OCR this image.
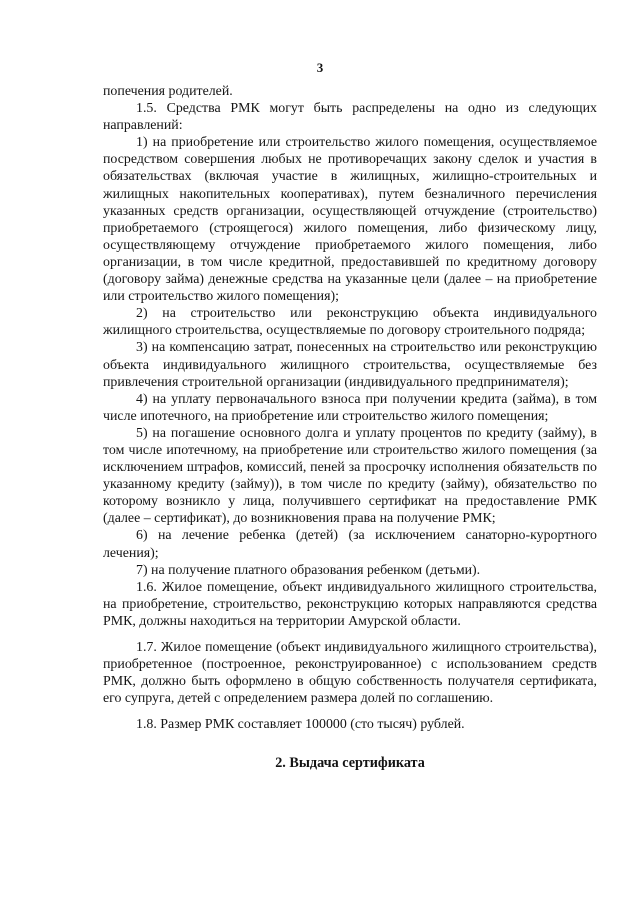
3

попечения родителей.

1.5. Средства РМК могут быть распределены на одно из следующих направлений:

1) на приобретение или строительство жилого помещения, осуществляемое посредством совершения любых не противоречащих закону сделок и участия в обязательствах (включая участие в жилищных, жилищно-строительных и жилищных накопительных кооперативах), путем безналичного перечисления указанных средств организации, осуществляющей отчуждение (строительство) приобретаемого (строящегося) жилого помещения, либо физическому лицу, осуществляющему отчуждение приобретаемого жилого помещения, либо организации, в том числе кредитной, предоставившей по кредитному договору (договору займа) денежные средства на указанные цели (далее – на приобретение или строительство жилого помещения);

2) на строительство или реконструкцию объекта индивидуального жилищного строительства, осуществляемые по договору строительного подряда;

3) на компенсацию затрат, понесенных на строительство или реконструкцию объекта индивидуального жилищного строительства, осуществляемые без привлечения строительной организации (индивидуального предпринимателя);

4) на уплату первоначального взноса при получении кредита (займа), в том числе ипотечного, на приобретение или строительство жилого помещения;

5) на погашение основного долга и уплату процентов по кредиту (займу), в том числе ипотечному, на приобретение или строительство жилого помещения (за исключением штрафов, комиссий, пеней за просрочку исполнения обязательств по указанному кредиту (займу)), в том числе по кредиту (займу), обязательство по которому возникло у лица, получившего сертификат на предоставление РМК (далее – сертификат), до возникновения права на получение РМК;

6) на лечение ребенка (детей) (за исключением санаторно-курортного лечения);

7) на получение платного образования ребенком (детьми).

1.6. Жилое помещение, объект индивидуального жилищного строительства, на приобретение, строительство, реконструкцию которых направляются средства РМК, должны находиться на территории Амурской области.

1.7. Жилое помещение (объект индивидуального жилищного строительства), приобретенное (построенное, реконструированное) с использованием средств РМК, должно быть оформлено в общую собственность получателя сертификата, его супруга, детей с определением размера долей по соглашению.

1.8. Размер РМК составляет 100000 (сто тысяч) рублей.

2. Выдача сертификата
